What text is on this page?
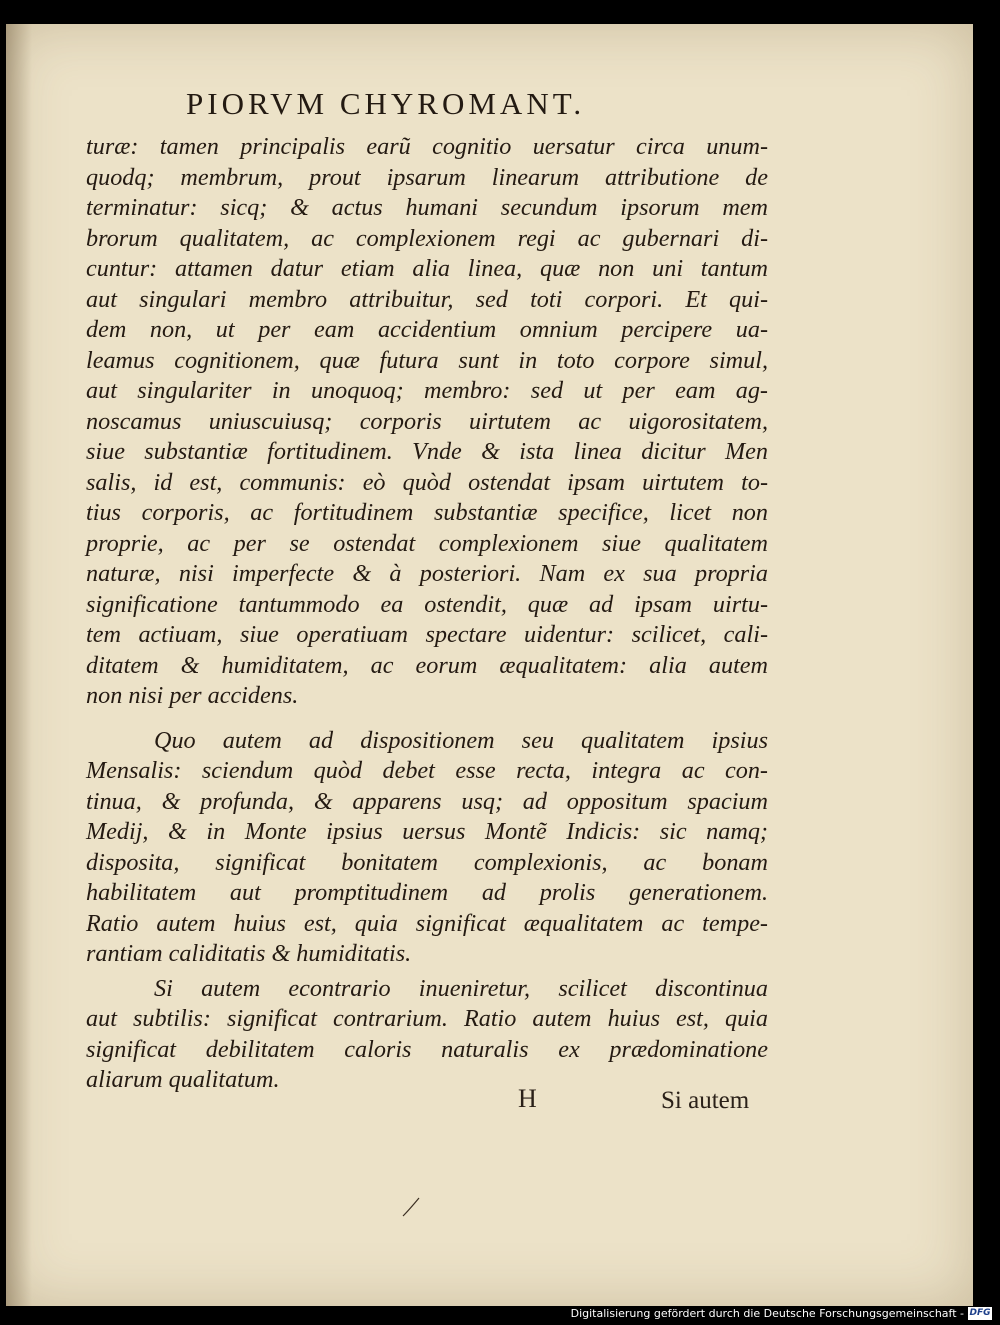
PIORVM CHYROMANT.

turæ: tamen principalis earũ cognitio uersatur circa unum-

quodq; membrum, prout ipsarum linearum attributione de

terminatur: sicq; & actus humani secundum ipsorum mem

brorum qualitatem, ac complexionem regi ac gubernari di-

cuntur: attamen datur etiam alia linea, quæ non uni tantum

aut singulari membro attribuitur, sed toti corpori. Et qui-

dem non, ut per eam accidentium omnium percipere ua-

leamus cognitionem, quæ futura sunt in toto corpore simul,

aut singulariter in unoquoq; membro: sed ut per eam ag-

noscamus uniuscuiusq; corporis uirtutem ac uigorositatem,

siue substantiæ fortitudinem. Vnde & ista linea dicitur Men

salis, id est, communis: eò quòd ostendat ipsam uirtutem to-

tius corporis, ac fortitudinem substantiæ specifice, licet non

proprie, ac per se ostendat complexionem siue qualitatem

naturæ, nisi imperfecte & à posteriori. Nam ex sua propria

significatione tantummodo ea ostendit, quæ ad ipsam uirtu-

tem actiuam, siue operatiuam spectare uidentur: scilicet, cali-

ditatem & humiditatem, ac eorum æqualitatem: alia autem

non nisi per accidens.

Quo autem ad dispositionem seu qualitatem ipsius

Mensalis: sciendum quòd debet esse recta, integra ac con-

tinua, & profunda, & apparens usq; ad oppositum spacium

Medij, & in Monte ipsius uersus Montẽ Indicis: sic namq;

disposita, significat bonitatem complexionis, ac bonam

habilitatem aut promptitudinem ad prolis generationem.

Ratio autem huius est, quia significat æqualitatem ac tempe-

rantiam caliditatis & humiditatis.

Si autem econtrario inueniretur, scilicet discontinua

aut subtilis: significat contrarium. Ratio autem huius est, quia

significat debilitatem caloris naturalis ex prædominatione

aliarum qualitatum.

H	Si autem

Digitalisierung gefördert durch die Deutsche Forschungsgemeinschaft - DFG
